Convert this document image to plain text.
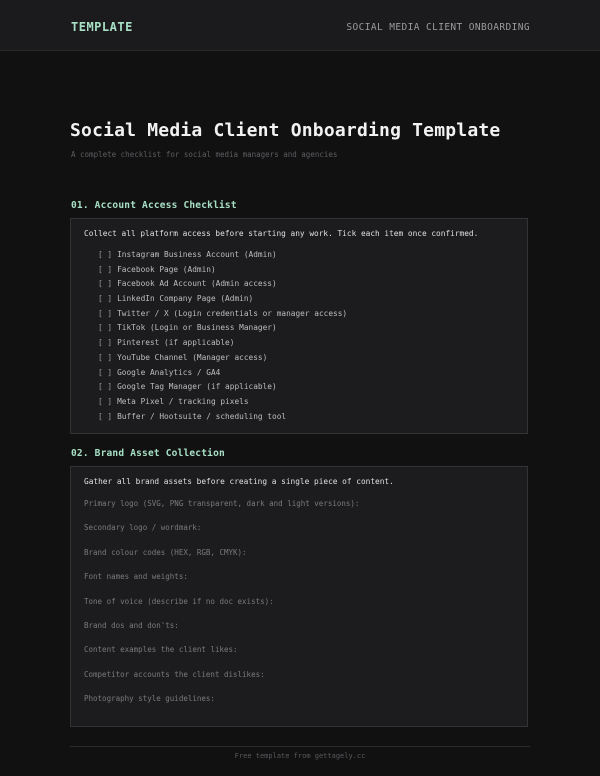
TEMPLATE	SOCIAL MEDIA CLIENT ONBOARDING
Social Media Client Onboarding Template
A complete checklist for social media managers and agencies
01. Account Access Checklist
Collect all platform access before starting any work. Tick each item once confirmed.
[ ] Instagram Business Account (Admin)
[ ] Facebook Page (Admin)
[ ] Facebook Ad Account (Admin access)
[ ] LinkedIn Company Page (Admin)
[ ] Twitter / X (Login credentials or manager access)
[ ] TikTok (Login or Business Manager)
[ ] Pinterest (if applicable)
[ ] YouTube Channel (Manager access)
[ ] Google Analytics / GA4
[ ] Google Tag Manager (if applicable)
[ ] Meta Pixel / tracking pixels
[ ] Buffer / Hootsuite / scheduling tool
02. Brand Asset Collection
Gather all brand assets before creating a single piece of content.
Primary logo (SVG, PNG transparent, dark and light versions):
Secondary logo / wordmark:
Brand colour codes (HEX, RGB, CMYK):
Font names and weights:
Tone of voice (describe if no doc exists):
Brand dos and don'ts:
Content examples the client likes:
Competitor accounts the client dislikes:
Photography style guidelines:
Free template from gettagely.cc
